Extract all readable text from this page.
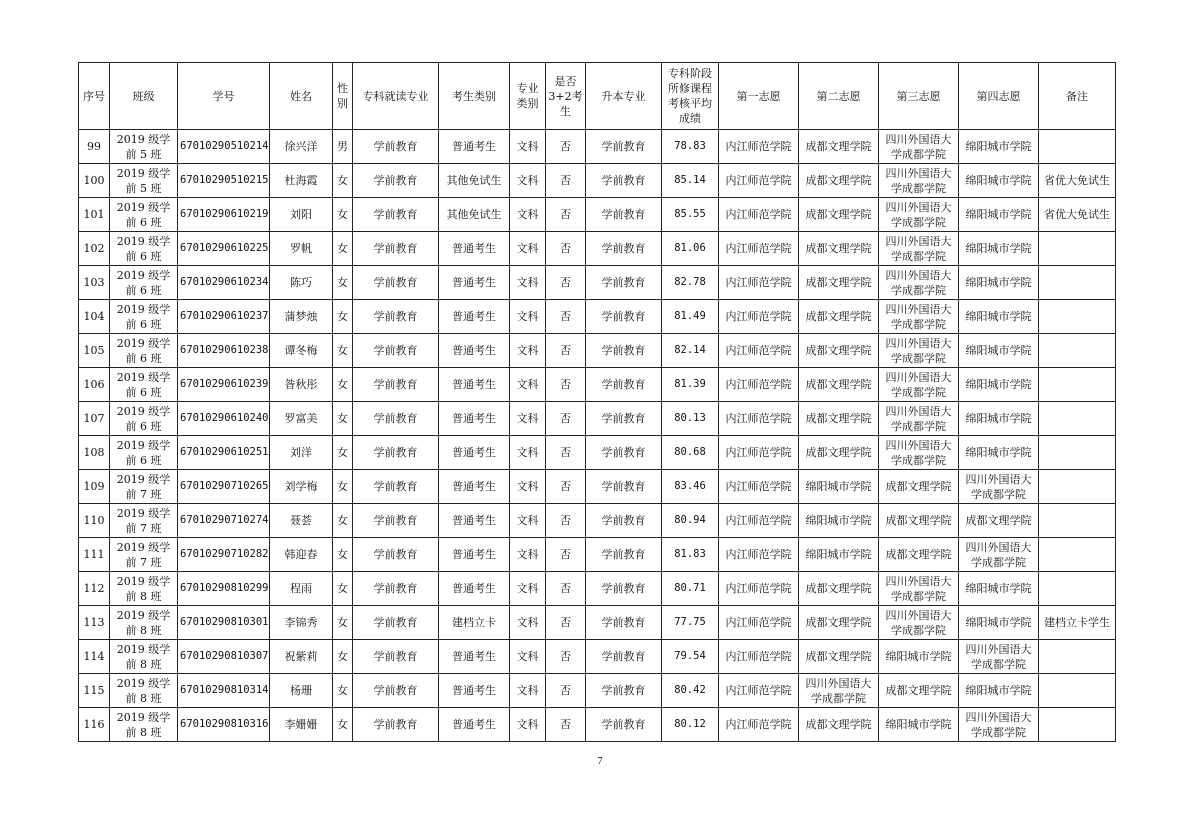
序号	班级	学号	姓名	性别	专科就读专业	考生类别	专业类别	是否3+2考生	升本专业	专科阶段所修课程考核平均成绩	第一志愿	第二志愿	第三志愿	第四志愿	备注
99	2019 级学前 5 班	67010290510214	徐兴洋	男	学前教育	普通考生	文科	否	学前教育	78.83	内江师范学院	成都文理学院	四川外国语大学成都学院	绵阳城市学院	
100	2019 级学前 5 班	67010290510215	杜海霞	女	学前教育	其他免试生	文科	否	学前教育	85.14	内江师范学院	成都文理学院	四川外国语大学成都学院	绵阳城市学院	省优大免试生
101	2019 级学前 6 班	67010290610219	刘阳	女	学前教育	其他免试生	文科	否	学前教育	85.55	内江师范学院	成都文理学院	四川外国语大学成都学院	绵阳城市学院	省优大免试生
102	2019 级学前 6 班	67010290610225	罗帆	女	学前教育	普通考生	文科	否	学前教育	81.06	内江师范学院	成都文理学院	四川外国语大学成都学院	绵阳城市学院	
103	2019 级学前 6 班	67010290610234	陈巧	女	学前教育	普通考生	文科	否	学前教育	82.78	内江师范学院	成都文理学院	四川外国语大学成都学院	绵阳城市学院	
104	2019 级学前 6 班	67010290610237	蒲梦烛	女	学前教育	普通考生	文科	否	学前教育	81.49	内江师范学院	成都文理学院	四川外国语大学成都学院	绵阳城市学院	
105	2019 级学前 6 班	67010290610238	谭冬梅	女	学前教育	普通考生	文科	否	学前教育	82.14	内江师范学院	成都文理学院	四川外国语大学成都学院	绵阳城市学院	
106	2019 级学前 6 班	67010290610239	昝秋彤	女	学前教育	普通考生	文科	否	学前教育	81.39	内江师范学院	成都文理学院	四川外国语大学成都学院	绵阳城市学院	
107	2019 级学前 6 班	67010290610240	罗富美	女	学前教育	普通考生	文科	否	学前教育	80.13	内江师范学院	成都文理学院	四川外国语大学成都学院	绵阳城市学院	
108	2019 级学前 6 班	67010290610251	刘洋	女	学前教育	普通考生	文科	否	学前教育	80.68	内江师范学院	成都文理学院	四川外国语大学成都学院	绵阳城市学院	
109	2019 级学前 7 班	67010290710265	刘学梅	女	学前教育	普通考生	文科	否	学前教育	83.46	内江师范学院	绵阳城市学院	成都文理学院	四川外国语大学成都学院	
110	2019 级学前 7 班	67010290710274	聂荟	女	学前教育	普通考生	文科	否	学前教育	80.94	内江师范学院	绵阳城市学院	成都文理学院	成都文理学院	
111	2019 级学前 7 班	67010290710282	韩迎春	女	学前教育	普通考生	文科	否	学前教育	81.83	内江师范学院	绵阳城市学院	成都文理学院	四川外国语大学成都学院	
112	2019 级学前 8 班	67010290810299	程雨	女	学前教育	普通考生	文科	否	学前教育	80.71	内江师范学院	成都文理学院	四川外国语大学成都学院	绵阳城市学院	
113	2019 级学前 8 班	67010290810301	李锦秀	女	学前教育	建档立卡	文科	否	学前教育	77.75	内江师范学院	成都文理学院	四川外国语大学成都学院	绵阳城市学院	建档立卡学生
114	2019 级学前 8 班	67010290810307	祝紫莉	女	学前教育	普通考生	文科	否	学前教育	79.54	内江师范学院	成都文理学院	绵阳城市学院	四川外国语大学成都学院	
115	2019 级学前 8 班	67010290810314	杨珊	女	学前教育	普通考生	文科	否	学前教育	80.42	内江师范学院	四川外国语大学成都学院	成都文理学院	绵阳城市学院	
116	2019 级学前 8 班	67010290810316	李姗姗	女	学前教育	普通考生	文科	否	学前教育	80.12	内江师范学院	成都文理学院	绵阳城市学院	四川外国语大学成都学院	
7
